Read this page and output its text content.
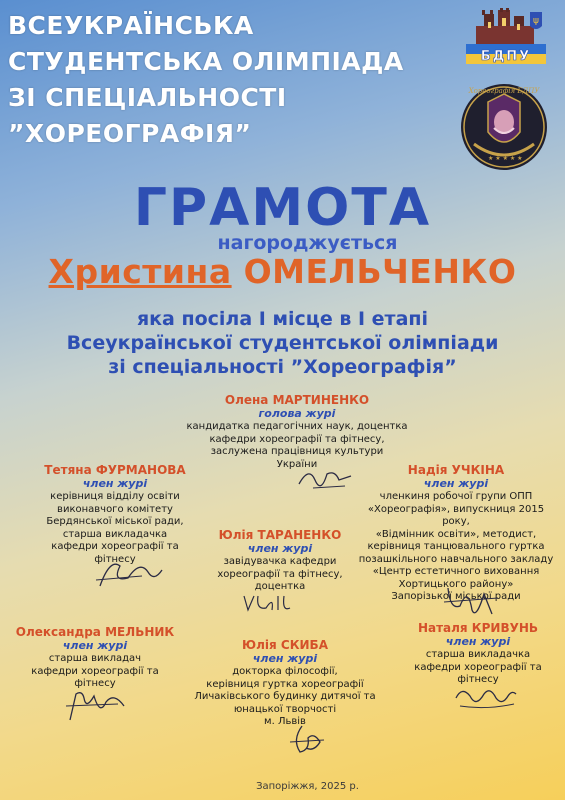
ВСЕУКРАЇНСЬКА
СТУДЕНТСЬКА ОЛІМПІАДА
ЗІ СПЕЦІАЛЬНОСТІ
”ХОРЕОГРАФІЯ”
ψ
БДПУ
Хореографія БДПУ
★ ★ ★ ★ ★
ГРАМОТА
нагороджується
Христина ОМЕЛЬЧЕНКО
яка посіла І місце в І етапі
Всеукраїнської студентської олімпіади
зі спеціальності ”Хореографія”
Олена МАРТИНЕНКО
голова журі
кандидатка педагогічних наук, доцентка
кафедри хореографії та фітнесу,
заслужена працівниця культури
України
Тетяна ФУРМАНОВА
член журі
керівниця відділу освіти
виконавчого комітету
Бердянської міської ради,
старша викладачка
кафедри хореографії та
фітнесу
Надія УЧКІНА
член журі
членкиня робочої групи ОПП
«Хореографія», випускниця 2015 року,
«Відмінник освіти», методист,
керівниця танцювального гуртка
позашкільного навчального закладу
«Центр естетичного виховання
Хортицького району»
Запорізької міської ради
Юлія ТАРАНЕНКО
член журі
завідувачка кафедри
хореографії та фітнесу,
доцентка
Олександра МЕЛЬНИК
член журі
старша викладач
кафедри хореографії та
фітнесу
Юлія СКИБА
член журі
докторка філософії,
керівниця гуртка хореографії
Личаківського будинку дитячої та
юнацької творчості
м. Львів
Наталя КРИВУНЬ
член журі
старша викладачка
кафедри хореографії та
фітнесу
Запоріжжя, 2025 р.
